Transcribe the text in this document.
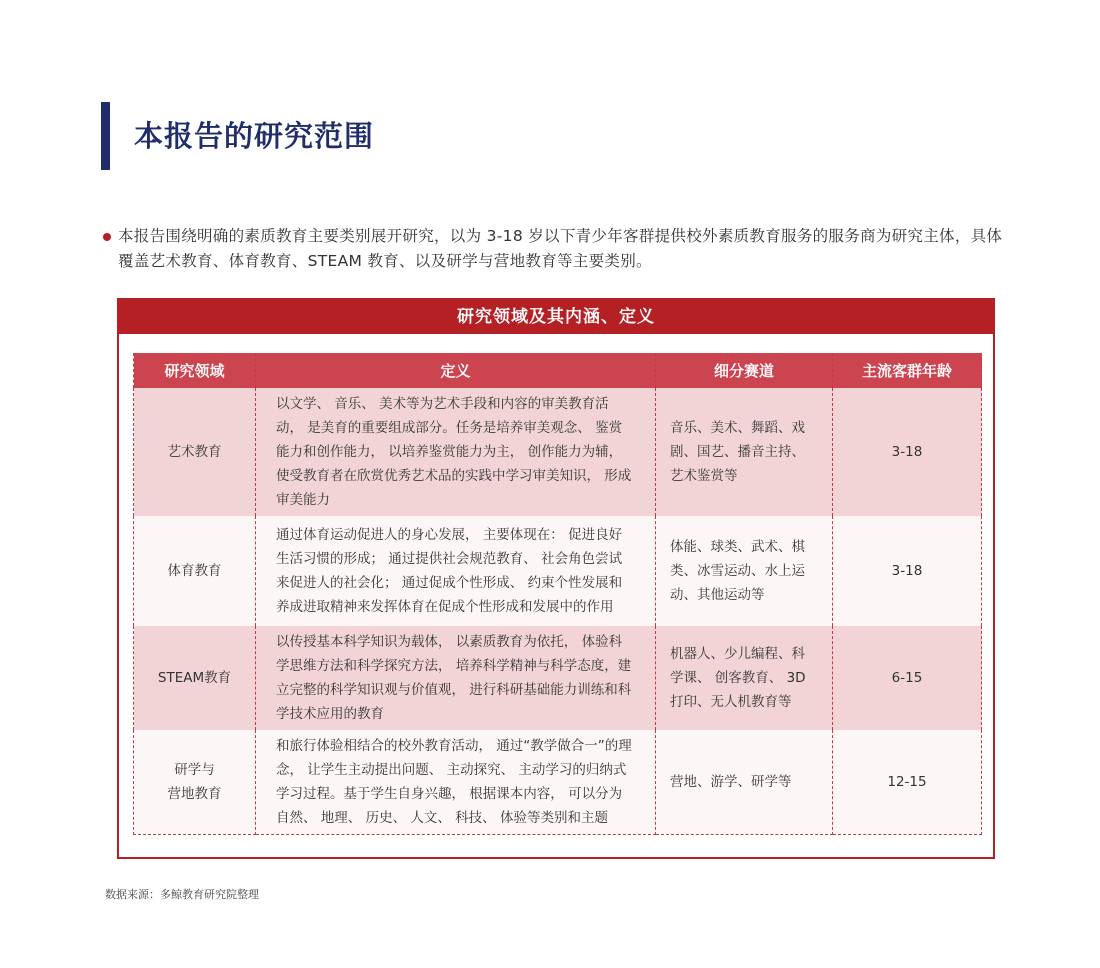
本报告的研究范围

本报告围绕明确的素质教育主要类别展开研究，以为 3-18 岁以下青少年客群提供校外素质教育服务的服务商为研究主体，具体覆盖艺术教育、体育教育、STEAM 教育、以及研学与营地教育等主要类别。

研究领域及其内涵、定义
研究领域	定义	细分赛道	主流客群年龄

艺术教育	以文学、 音乐、 美术等为艺术手段和内容的审美教育活动， 是美育的重要组成部分。任务是培养审美观念、 鉴赏能力和创作能力， 以培养鉴赏能力为主， 创作能力为辅，使受教育者在欣赏优秀艺术品的实践中学习审美知识， 形成审美能力	音乐、美术、舞蹈、戏剧、国艺、播音主持、艺术鉴赏等	3-18

体育教育	通过体育运动促进人的身心发展， 主要体现在： 促进良好生活习惯的形成； 通过提供社会规范教育、 社会角色尝试来促进人的社会化； 通过促成个性形成、 约束个性发展和养成进取精神来发挥体育在促成个性形成和发展中的作用	体能、球类、武术、棋类、冰雪运动、水上运动、其他运动等	3-18

STEAM教育	以传授基本科学知识为载体， 以素质教育为依托， 体验科学思维方法和科学探究方法， 培养科学精神与科学态度，建立完整的科学知识观与价值观， 进行科研基础能力训练和科学技术应用的教育	机器人、少儿编程、科学课、 创客教育、 3D打印、无人机教育等	6-15

研学与
营地教育	和旅行体验相结合的校外教育活动， 通过“教学做合一”的理念， 让学生主动提出问题、 主动探究、 主动学习的归纳式学习过程。基于学生自身兴趣， 根据课本内容， 可以分为自然、 地理、 历史、 人文、 科技、 体验等类别和主题	营地、游学、研学等	12-15
数据来源：多鲸教育研究院整理
